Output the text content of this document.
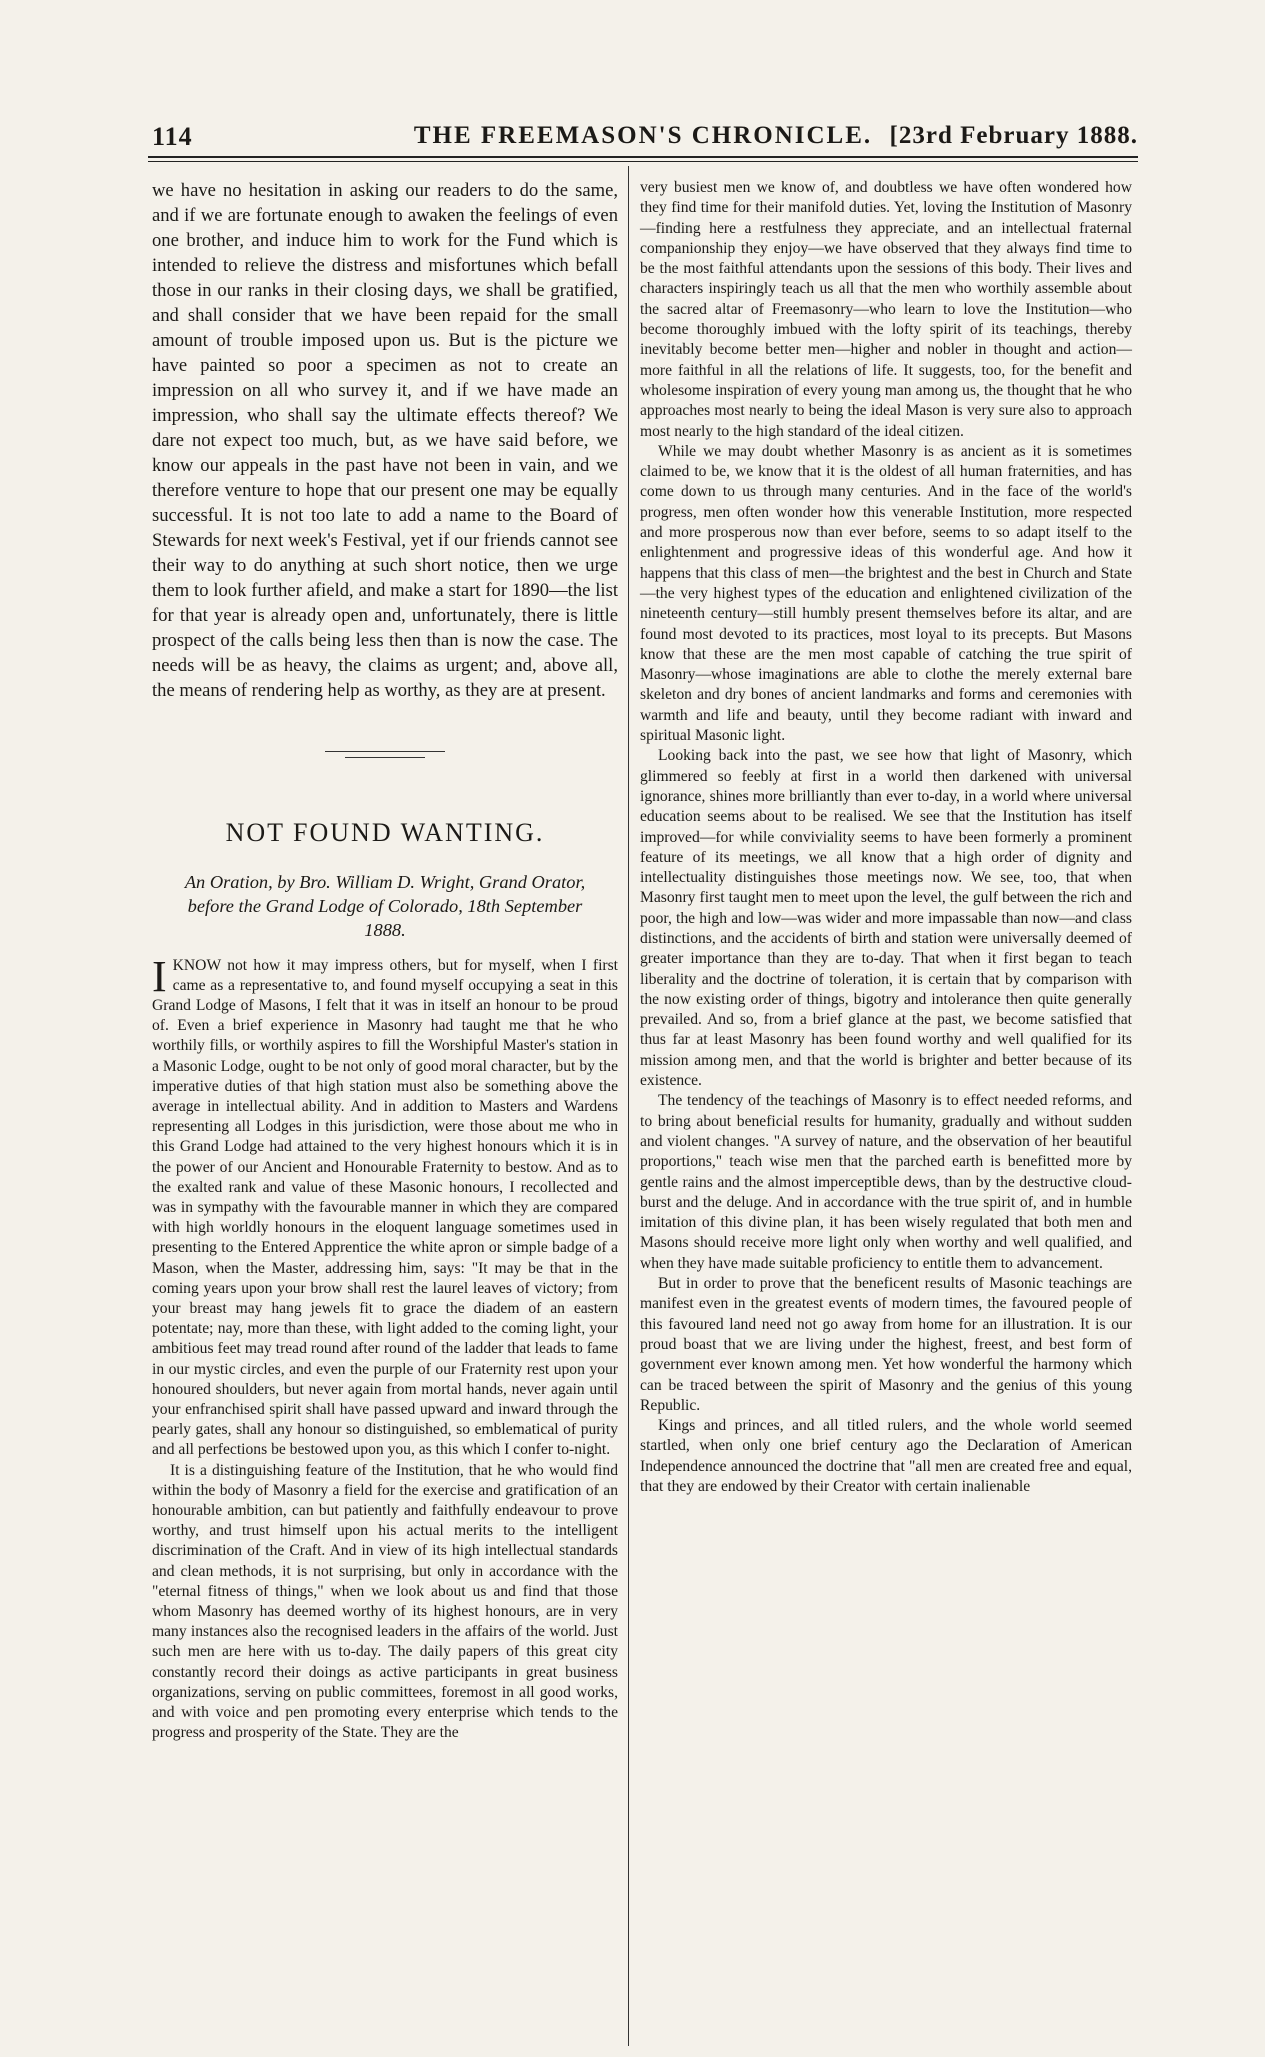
114	THE FREEMASON'S CHRONICLE. [23rd February 1888.

we have no hesitation in asking our readers to do the same, and if we are fortunate enough to awaken the feelings of even one brother, and induce him to work for the Fund which is intended to relieve the distress and misfortunes which befall those in our ranks in their closing days, we shall be gratified, and shall consider that we have been repaid for the small amount of trouble imposed upon us. But is the picture we have painted so poor a specimen as not to create an impression on all who survey it, and if we have made an impression, who shall say the ultimate effects thereof? We dare not expect too much, but, as we have said before, we know our appeals in the past have not been in vain, and we therefore venture to hope that our present one may be equally successful. It is not too late to add a name to the Board of Stewards for next week's Festival, yet if our friends cannot see their way to do anything at such short notice, then we urge them to look further afield, and make a start for 1890—the list for that year is already open and, unfortunately, there is little prospect of the calls being less then than is now the case. The needs will be as heavy, the claims as urgent; and, above all, the means of rendering help as worthy, as they are at present.

NOT FOUND WANTING.

An Oration, by Bro. William D. Wright, Grand Orator, before the Grand Lodge of Colorado, 18th September 1888.

IKNOW not how it may impress others, but for myself, when I first came as a representative to, and found myself occupying a seat in this Grand Lodge of Masons, I felt that it was in itself an honour to be proud of. Even a brief experience in Masonry had taught me that he who worthily fills, or worthily aspires to fill the Worshipful Master's station in a Masonic Lodge, ought to be not only of good moral character, but by the imperative duties of that high station must also be something above the average in intellectual ability. And in addition to Masters and Wardens representing all Lodges in this jurisdiction, were those about me who in this Grand Lodge had attained to the very highest honours which it is in the power of our Ancient and Honourable Fraternity to bestow. And as to the exalted rank and value of these Masonic honours, I recollected and was in sympathy with the favourable manner in which they are compared with high worldly honours in the eloquent language sometimes used in presenting to the Entered Apprentice the white apron or simple badge of a Mason, when the Master, addressing him, says: "It may be that in the coming years upon your brow shall rest the laurel leaves of victory; from your breast may hang jewels fit to grace the diadem of an eastern potentate; nay, more than these, with light added to the coming light, your ambitious feet may tread round after round of the ladder that leads to fame in our mystic circles, and even the purple of our Fraternity rest upon your honoured shoulders, but never again from mortal hands, never again until your enfranchised spirit shall have passed upward and inward through the pearly gates, shall any honour so distinguished, so emblematical of purity and all perfections be bestowed upon you, as this which I confer to-night.

It is a distinguishing feature of the Institution, that he who would find within the body of Masonry a field for the exercise and gratification of an honourable ambition, can but patiently and faithfully endeavour to prove worthy, and trust himself upon his actual merits to the intelligent discrimination of the Craft. And in view of its high intellectual standards and clean methods, it is not surprising, but only in accordance with the "eternal fitness of things," when we look about us and find that those whom Masonry has deemed worthy of its highest honours, are in very many instances also the recognised leaders in the affairs of the world. Just such men are here with us to-day. The daily papers of this great city constantly record their doings as active participants in great business organizations, serving on public committees, foremost in all good works, and with voice and pen promoting every enterprise which tends to the progress and prosperity of the State. They are the

very busiest men we know of, and doubtless we have often wondered how they find time for their manifold duties. Yet, loving the Institution of Masonry—finding here a restfulness they appreciate, and an intellectual fraternal companionship they enjoy—we have observed that they always find time to be the most faithful attendants upon the sessions of this body. Their lives and characters inspiringly teach us all that the men who worthily assemble about the sacred altar of Freemasonry—who learn to love the Institution—who become thoroughly imbued with the lofty spirit of its teachings, thereby inevitably become better men—higher and nobler in thought and action—more faithful in all the relations of life. It suggests, too, for the benefit and wholesome inspiration of every young man among us, the thought that he who approaches most nearly to being the ideal Mason is very sure also to approach most nearly to the high standard of the ideal citizen.

While we may doubt whether Masonry is as ancient as it is sometimes claimed to be, we know that it is the oldest of all human fraternities, and has come down to us through many centuries. And in the face of the world's progress, men often wonder how this venerable Institution, more respected and more prosperous now than ever before, seems to so adapt itself to the enlightenment and progressive ideas of this wonderful age. And how it happens that this class of men—the brightest and the best in Church and State—the very highest types of the education and enlightened civilization of the nineteenth century—still humbly present themselves before its altar, and are found most devoted to its practices, most loyal to its precepts. But Masons know that these are the men most capable of catching the true spirit of Masonry—whose imaginations are able to clothe the merely external bare skeleton and dry bones of ancient landmarks and forms and ceremonies with warmth and life and beauty, until they become radiant with inward and spiritual Masonic light.

Looking back into the past, we see how that light of Masonry, which glimmered so feebly at first in a world then darkened with universal ignorance, shines more brilliantly than ever to-day, in a world where universal education seems about to be realised. We see that the Institution has itself improved—for while conviviality seems to have been formerly a prominent feature of its meetings, we all know that a high order of dignity and intellectuality distinguishes those meetings now. We see, too, that when Masonry first taught men to meet upon the level, the gulf between the rich and poor, the high and low—was wider and more impassable than now—and class distinctions, and the accidents of birth and station were universally deemed of greater importance than they are to-day. That when it first began to teach liberality and the doctrine of toleration, it is certain that by comparison with the now existing order of things, bigotry and intolerance then quite generally prevailed. And so, from a brief glance at the past, we become satisfied that thus far at least Masonry has been found worthy and well qualified for its mission among men, and that the world is brighter and better because of its existence.

The tendency of the teachings of Masonry is to effect needed reforms, and to bring about beneficial results for humanity, gradually and without sudden and violent changes. "A survey of nature, and the observation of her beautiful proportions," teach wise men that the parched earth is benefitted more by gentle rains and the almost imperceptible dews, than by the destructive cloud-burst and the deluge. And in accordance with the true spirit of, and in humble imitation of this divine plan, it has been wisely regulated that both men and Masons should receive more light only when worthy and well qualified, and when they have made suitable proficiency to entitle them to advancement.

But in order to prove that the beneficent results of Masonic teachings are manifest even in the greatest events of modern times, the favoured people of this favoured land need not go away from home for an illustration. It is our proud boast that we are living under the highest, freest, and best form of government ever known among men. Yet how wonderful the harmony which can be traced between the spirit of Masonry and the genius of this young Republic.

Kings and princes, and all titled rulers, and the whole world seemed startled, when only one brief century ago the Declaration of American Independence announced the doctrine that "all men are created free and equal, that they are endowed by their Creator with certain inalienable
